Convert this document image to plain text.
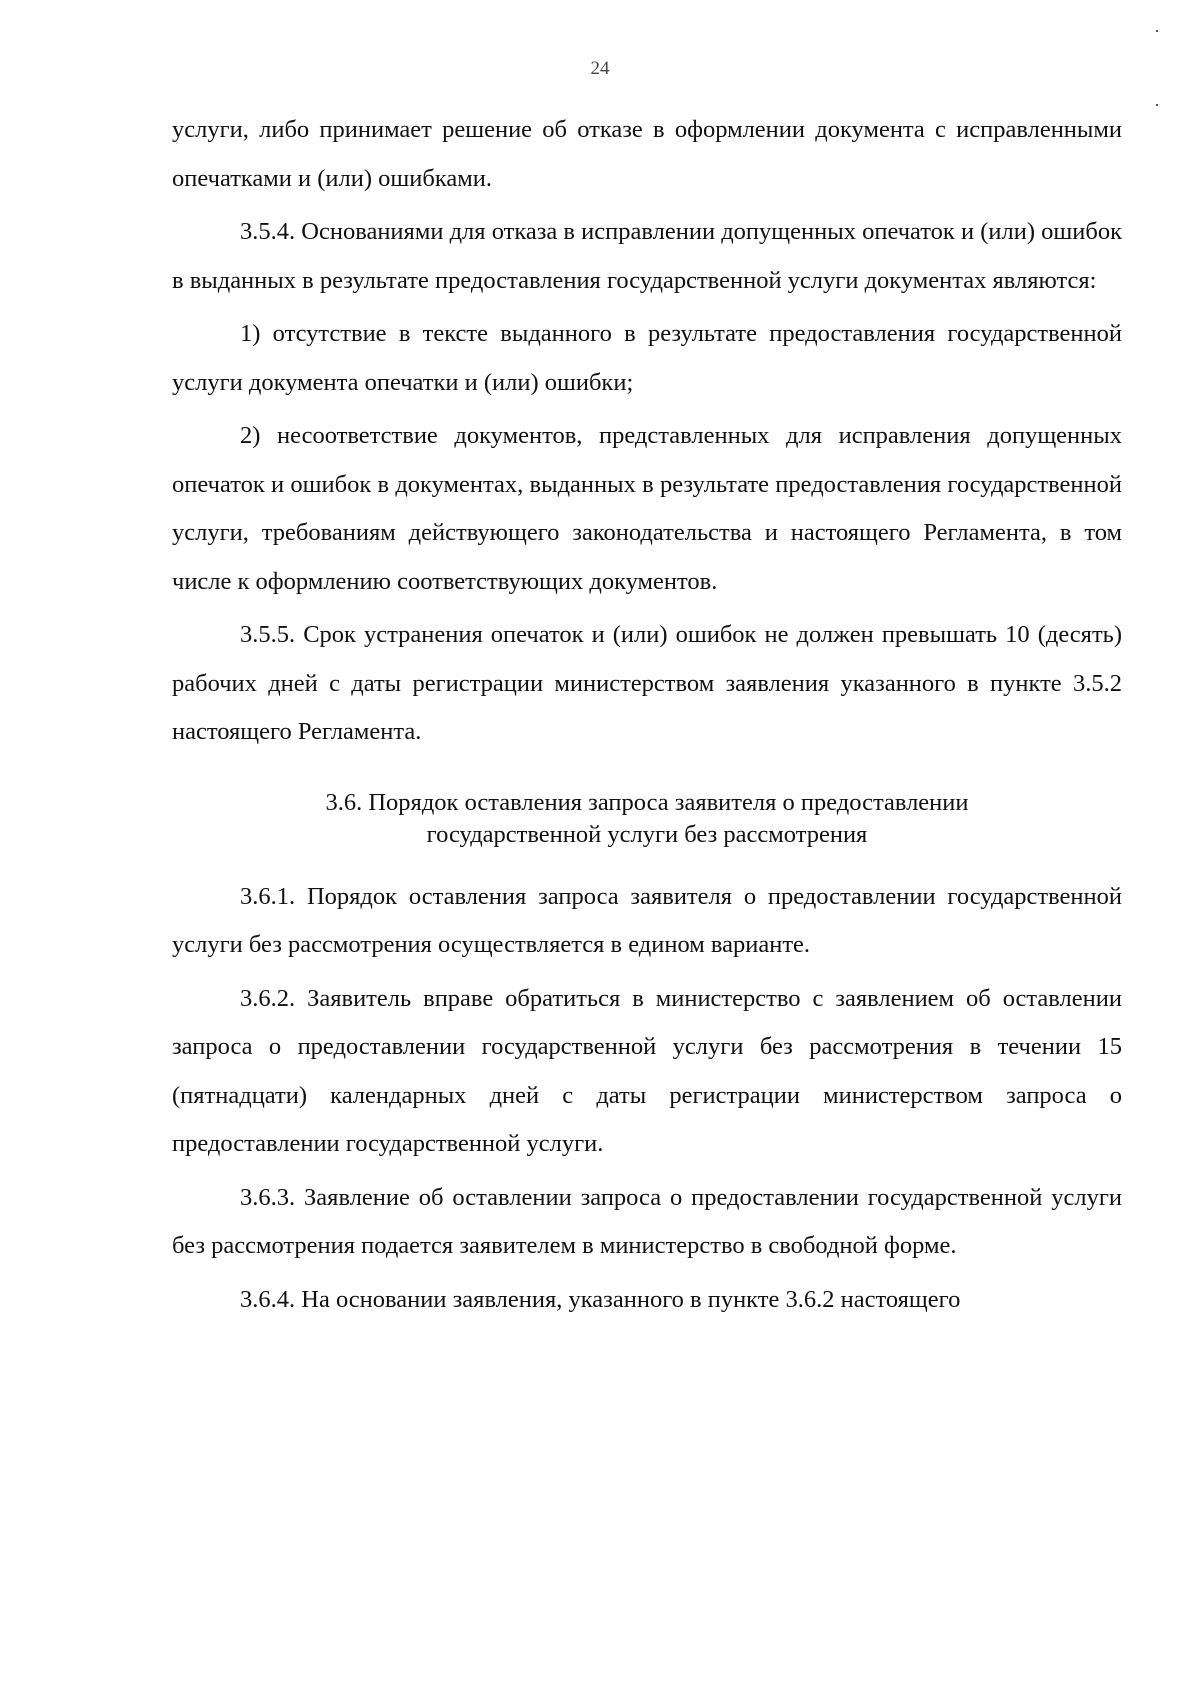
24

услуги, либо принимает решение об отказе в оформлении документа с исправленными опечатками и (или) ошибками.

3.5.4. Основаниями для отказа в исправлении допущенных опечаток и (или) ошибок в выданных в результате предоставления государственной услуги документах являются:

1) отсутствие в тексте выданного в результате предоставления государственной услуги документа опечатки и (или) ошибки;

2) несоответствие документов, представленных для исправления допущенных опечаток и ошибок в документах, выданных в результате предоставления государственной услуги, требованиям действующего законодательства и настоящего Регламента, в том числе к оформлению соответствующих документов.

3.5.5. Срок устранения опечаток и (или) ошибок не должен превышать 10 (десять) рабочих дней с даты регистрации министерством заявления указанного в пункте 3.5.2 настоящего Регламента.

3.6. Порядок оставления запроса заявителя о предоставлении
государственной услуги без рассмотрения

3.6.1. Порядок оставления запроса заявителя о предоставлении государственной услуги без рассмотрения осуществляется в едином варианте.

3.6.2. Заявитель вправе обратиться в министерство с заявлением об оставлении запроса о предоставлении государственной услуги без рассмотрения в течении 15 (пятнадцати) календарных дней с даты регистрации министерством запроса о предоставлении государственной услуги.

3.6.3. Заявление об оставлении запроса о предоставлении государственной услуги без рассмотрения подается заявителем в министерство в свободной форме.

3.6.4. На основании заявления, указанного в пункте 3.6.2 настоящего
